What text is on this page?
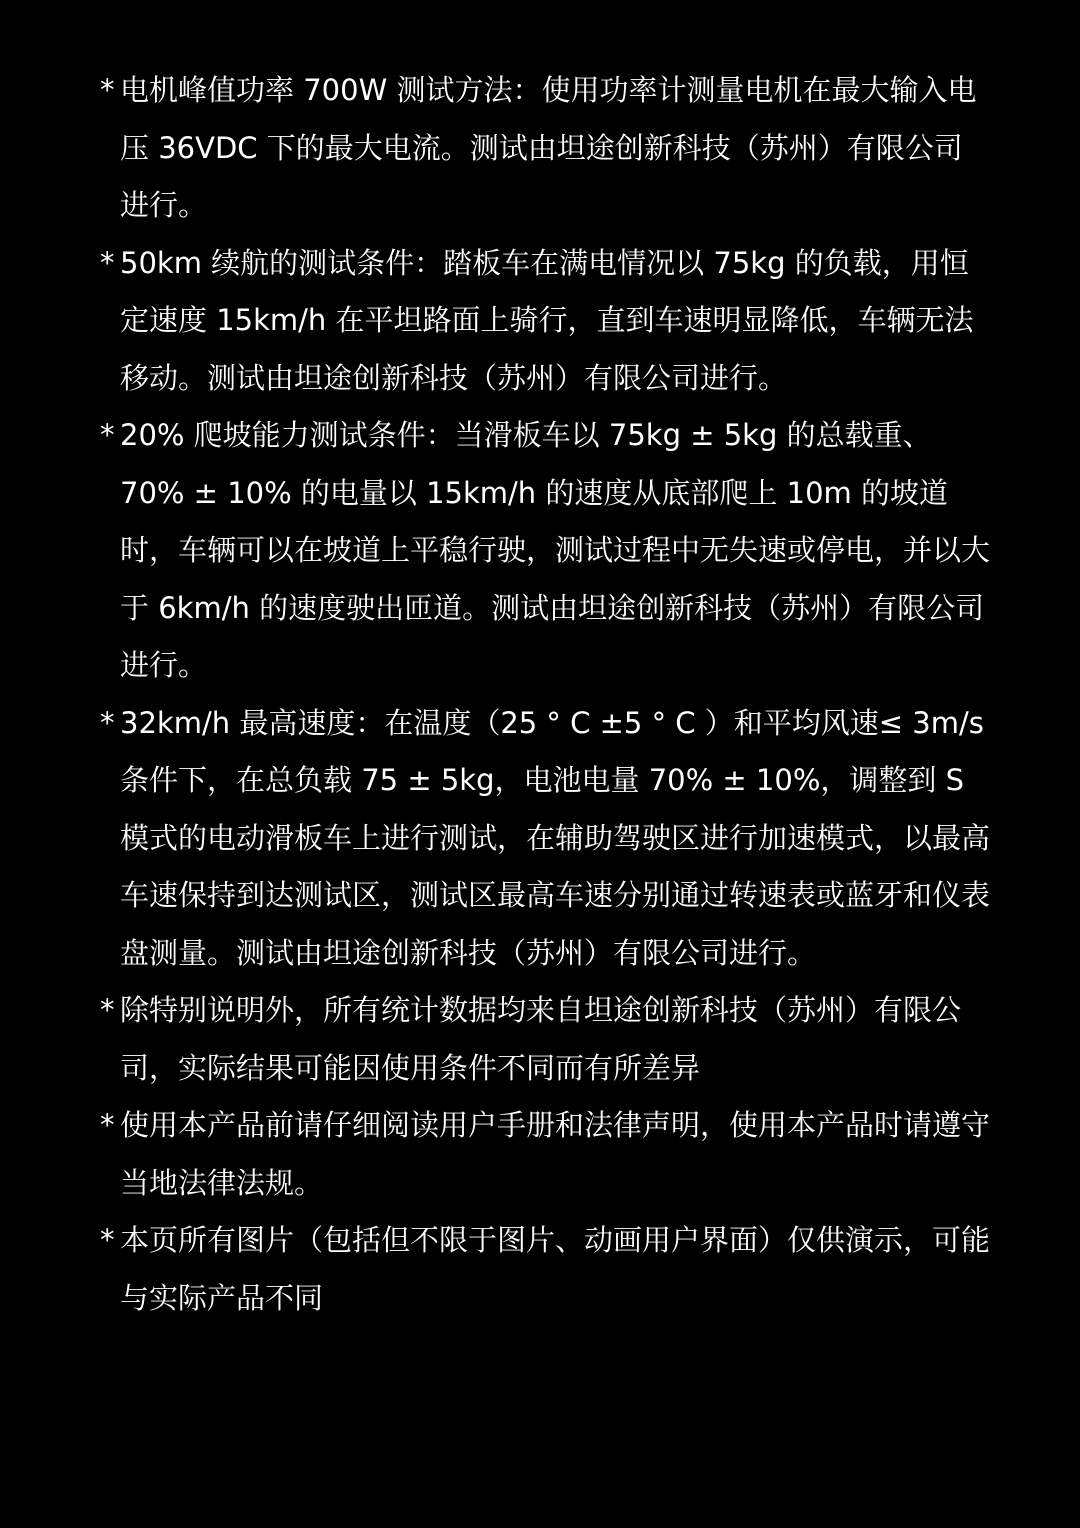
* 电机峰值功率 700W 测试方法：使用功率计测量电机在最大输入电压 36VDC 下的最大电流。测试由坦途创新科技（苏州）有限公司进行。
* 50km 续航的测试条件：踏板车在满电情况以 75kg 的负载，用恒定速度 15km/h 在平坦路面上骑行，直到车速明显降低，车辆无法移动。测试由坦途创新科技（苏州）有限公司进行。
* 20% 爬坡能力测试条件：当滑板车以 75kg ± 5kg 的总载重、70% ± 10% 的电量以 15km/h 的速度从底部爬上 10m 的坡道时，车辆可以在坡道上平稳行驶，测试过程中无失速或停电，并以大于 6km/h 的速度驶出匝道。测试由坦途创新科技（苏州）有限公司进行。
* 32km/h 最高速度：在温度（25 ° C ±5 ° C ）和平均风速≤ 3m/s 条件下，在总负载 75 ± 5kg，电池电量 70% ± 10%，调整到 S 模式的电动滑板车上进行测试，在辅助驾驶区进行加速模式，以最高车速保持到达测试区，测试区最高车速分别通过转速表或蓝牙和仪表盘测量。测试由坦途创新科技（苏州）有限公司进行。
* 除特别说明外，所有统计数据均来自坦途创新科技（苏州）有限公司，实际结果可能因使用条件不同而有所差异
* 使用本产品前请仔细阅读用户手册和法律声明，使用本产品时请遵守当地法律法规。
* 本页所有图片（包括但不限于图片、动画用户界面）仅供演示，可能与实际产品不同
